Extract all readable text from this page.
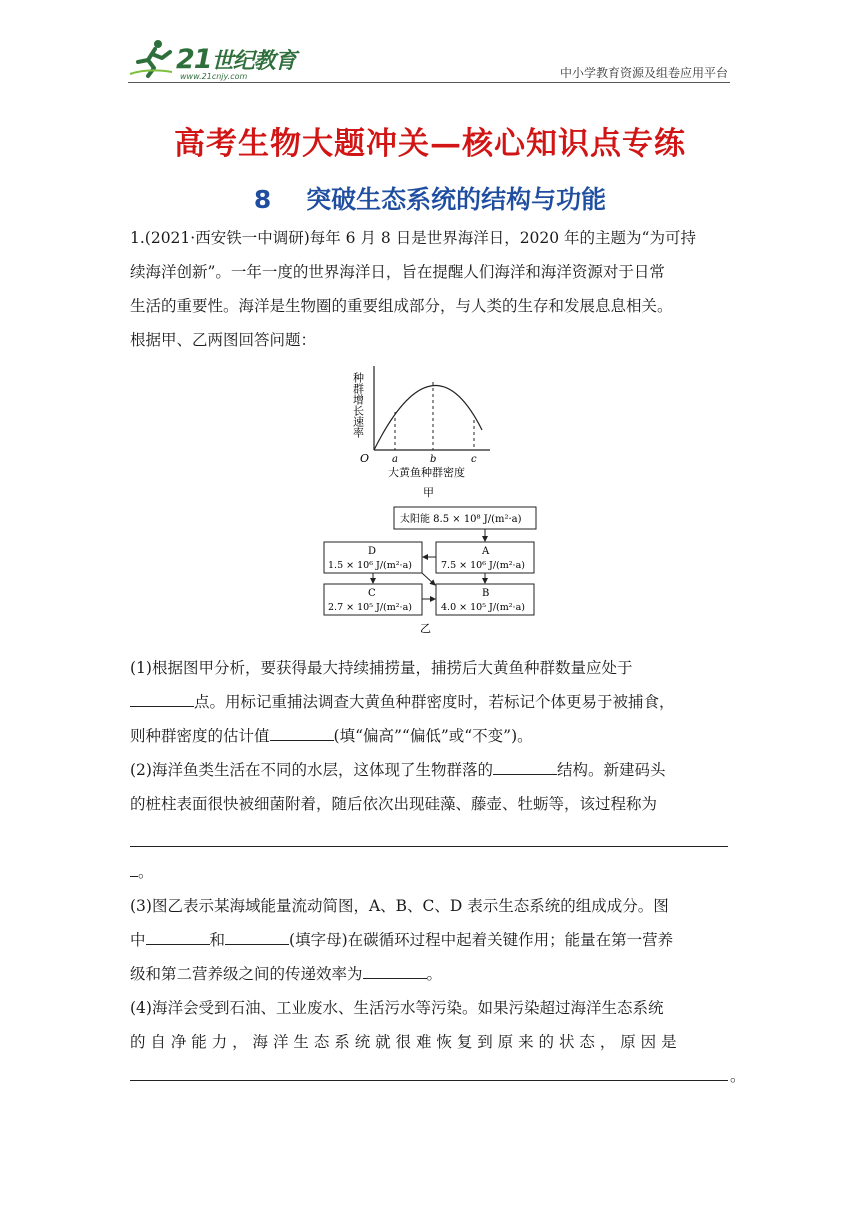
21世纪教育
www.21cnjy.com	中小学教育资源及组卷应用平台
高考生物大题冲关—核心知识点专练
8 突破生态系统的结构与功能
1.(2021·西安铁一中调研)每年 6 月 8 日是世界海洋日，2020 年的主题为“为可持
续海洋创新”。一年一度的世界海洋日，旨在提醒人们海洋和海洋资源对于日常
生活的重要性。海洋是生物圈的重要组成部分，与人类的生存和发展息息相关。
根据甲、乙两图回答问题：
种群增长速率
O a	b	c
大黄鱼种群密度
甲
太阳能 8.5 × 10⁸ J/(m²·a)
A
7.5 × 10⁶ J/(m²·a)
D
1.5 × 10⁶ J/(m²·a)
B
4.0 × 10⁵ J/(m²·a)
C
2.7 × 10⁵ J/(m²·a)
乙
(1)根据图甲分析，要获得最大持续捕捞量，捕捞后大黄鱼种群数量应处于
点。用标记重捕法调查大黄鱼种群密度时，若标记个体更易于被捕食，
则种群密度的估计值	(填“偏高”“偏低”或“不变”)。
(2)海洋鱼类生活在不同的水层，这体现了生物群落的	结构。新建码头
的桩柱表面很快被细菌附着，随后依次出现硅藻、藤壶、牡蛎等，该过程称为
。
(3)图乙表示某海域能量流动简图，A、B、C、D 表示生态系统的组成成分。图
中	和	(填字母)在碳循环过程中起着关键作用；能量在第一营养
级和第二营养级之间的传递效率为	。
(4)海洋会受到石油、工业废水、生活污水等污染。如果污染超过海洋生态系统
的 自 净 能 力 ， 海 洋 生 态 系 统 就 很 难 恢 复 到 原 来 的 状 态 ， 原 因 是
。
